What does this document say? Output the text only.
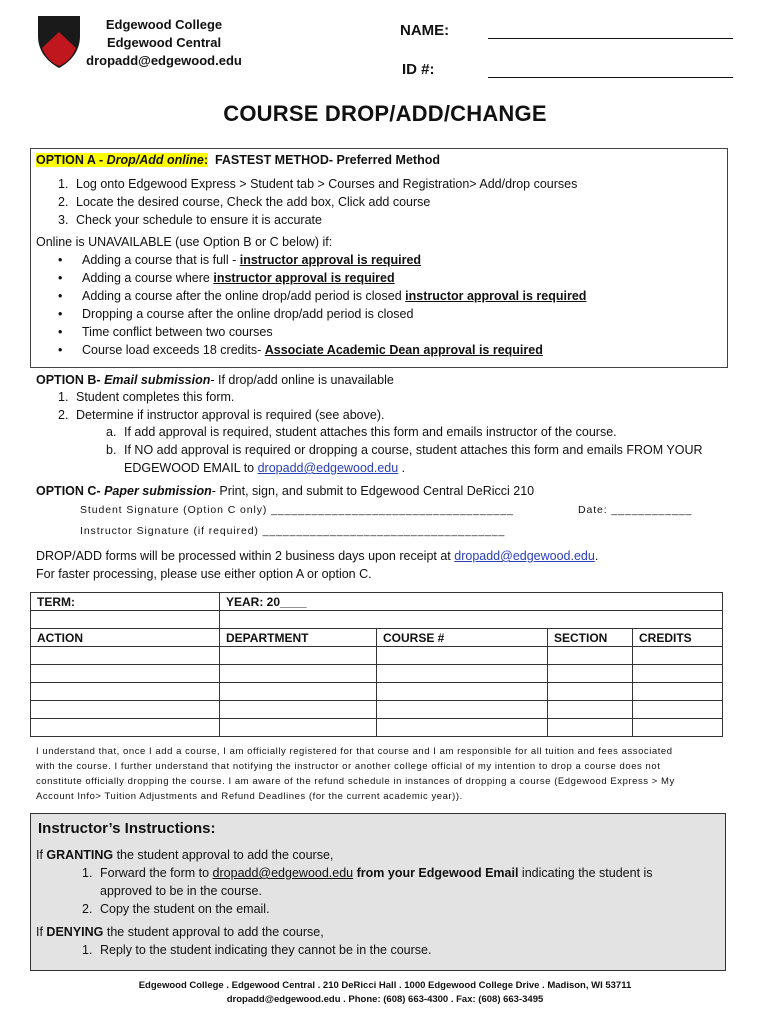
Edgewood College
Edgewood Central
dropadd@edgewood.edu
NAME:
ID #:
COURSE DROP/ADD/CHANGE
OPTION A - Drop/Add online: FASTEST METHOD- Preferred Method
1. Log onto Edgewood Express > Student tab > Courses and Registration> Add/drop courses
2. Locate the desired course, Check the add box, Click add course
3. Check your schedule to ensure it is accurate
Online is UNAVAILABLE (use Option B or C below) if:
• Adding a course that is full - instructor approval is required
• Adding a course where instructor approval is required
• Adding a course after the online drop/add period is closed instructor approval is required
• Dropping a course after the online drop/add period is closed
• Time conflict between two courses
• Course load exceeds 18 credits- Associate Academic Dean approval is required
OPTION B- Email submission- If drop/add online is unavailable
1. Student completes this form.
2. Determine if instructor approval is required (see above).
a. If add approval is required, student attaches this form and emails instructor of the course.
b. If NO add approval is required or dropping a course, student attaches this form and emails FROM YOUR
EDGEWOOD EMAIL to dropadd@edgewood.edu .
OPTION C- Paper submission- Print, sign, and submit to Edgewood Central DeRicci 210
Student Signature (Option C only) ____________________________________	Date: ____________
Instructor Signature (if required) ____________________________________
DROP/ADD forms will be processed within 2 business days upon receipt at dropadd@edgewood.edu.
For faster processing, please use either option A or option C.
TERM:	YEAR: 20____			

ACTION	DEPARTMENT	COURSE #	SECTION	CREDITS

I understand that, once I add a course, I am officially registered for that course and I am responsible for all tuition and fees associated
with the course. I further understand that notifying the instructor or another college official of my intention to drop a course does not
constitute officially dropping the course. I am aware of the refund schedule in instances of dropping a course (Edgewood Express > My
Account Info> Tuition Adjustments and Refund Deadlines (for the current academic year)).
Instructor’s Instructions:
If GRANTING the student approval to add the course,
1. Forward the form to dropadd@edgewood.edu from your Edgewood Email indicating the student is
approved to be in the course.
2. Copy the student on the email.
If DENYING the student approval to add the course,
1. Reply to the student indicating they cannot be in the course.
Edgewood College . Edgewood Central . 210 DeRicci Hall . 1000 Edgewood College Drive . Madison, WI 53711
dropadd@edgewood.edu . Phone: (608) 663-4300 . Fax: (608) 663-3495
